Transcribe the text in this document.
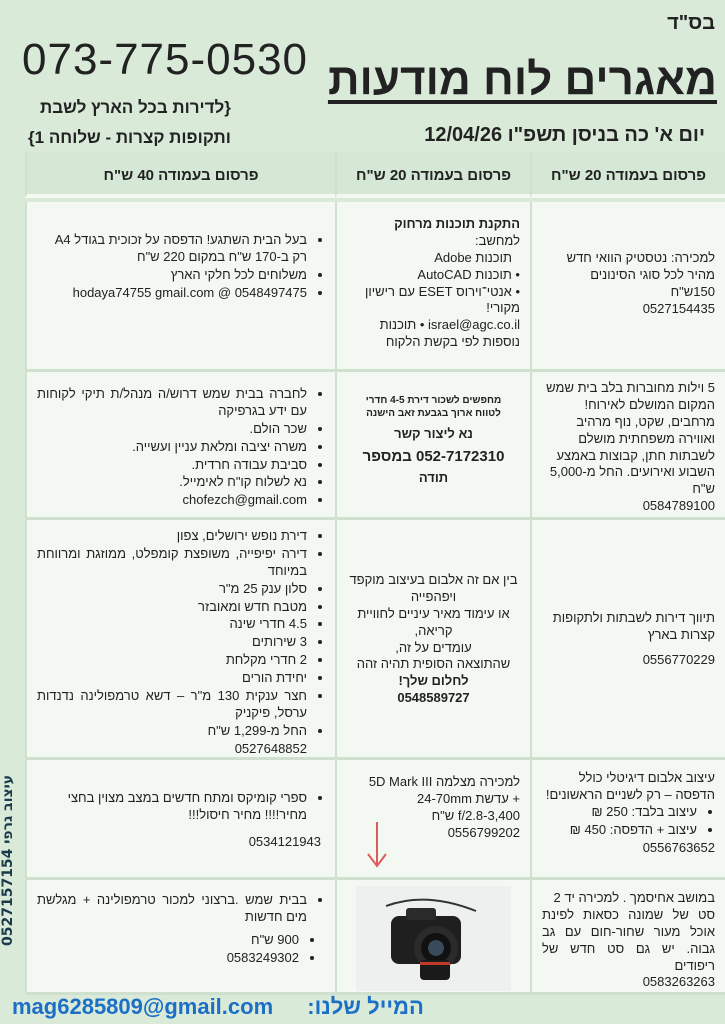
בס"ד
073-775-0530 מאגרים לוח מודעות
{לדירות בכל הארץ לשבת
ותקופות קצרות - שלוחה 1}	יום א' כה בניסן תשפ"ו 12/04/26
פרסום בעמודה 20 ש"ח
פרסום בעמודה 20 ש"ח
פרסום בעמודה 40 ש"ח
למכירה: נטסטיק הוואי חדש מהיר לכל סוגי הסינונים
150ש"ח
0527154435
התקנת תוכנות מרחוק
למחשב:
תוכנות Adobe
• תוכנות AutoCAD
• אנטי־וירוס ESET עם רישיון מקורי!
israel@agc.co.il • תוכנות
נוספות לפי בקשת הלקוח
• בעל הבית השתגע! הדפסה על זכוכית בגודל A4 רק ב-170 ש"ח במקום 220 ש"ח
• משלוחים לכל חלקי הארץ
• 0548497475 @ hodaya74755 gmail.com
5 וילות מחוברות בלב בית שמש המקום המושלם לאירוח! מרחבים, שקט, נוף מרהיב ואווירה משפחתית מושלם לשבתות חתן, קבוצות באמצע השבוע ואירועים. החל מ-5,000 ש"ח
0584789100
מחפשים לשכור דירת 4-5 חדרי
לטווח ארוך בגבעת זאב הישנה
נא ליצור קשר
052-7172310 במספר
תודה
• לחברה בבית שמש דרוש/ה מנהל/ת תיקי לקוחות עם ידע בגרפיקה
• שכר הולם.
• משרה יציבה ומלאת עניין ועשייה.
• סביבת עבודה חרדית.
• נא לשלוח קו"ח לאימייל.
• chofezch@gmail.com
תיווך דירות לשבתות ולתקופות קצרות בארץ
0556770229
בין אם זה אלבום בעיצוב מוקפד ויפהפייה
או עימוד מאיר עיניים לחוויית קריאה,
עומדים על זה,
שהתוצאה הסופית תהיה זהה
לחלום שלך!
0548589727
• דירת נופש ירושלים, צפון
• דירה יפיפייה, משופצת קומפלט, ממוזגת ומרווחת במיוחד
• סלון ענק 25 מ"ר
• מטבח חדש ומאובזר
• 4.5 חדרי שינה
• 3 שירותים
• 2 חדרי מקלחת
• יחידת הורים
• חצר ענקית 130 מ"ר – דשא טרמפולינה נדנדות ערסל, פיקניק
• החל מ-1,299 ש"ח
0527648852
עיצוב אלבום דיגיטלי כולל הדפסה – רק לשניים הראשונים!
• עיצוב בלבד: 250 ₪
• עיצוב + הדפסה: 450 ₪
0556763652
למכירה מצלמה 5D Mark III
+ עדשת 24-70mm
f/2.8-3,400 ש"ח
0556799202
• ספרי קומיקס ומתח חדשים במצב מצוין בחצי מחיר!!!! מחיר חיסול!!!
0534121943
במושב אחיסמך . למכירה יד 2
סט של שמונה כסאות לפינת אוכל מעור שחור-חום עם גב גבוה. יש גם סט חדש של ריפודים
0583263263
• בבית שמש .ברצוני למכור טרמפולינה + מגלשת מים חדשות
• 900 ש"ח
• 0583249302
עיצוב גרפי 0527157154
mag6285809@gmail.com המייל שלנו:
